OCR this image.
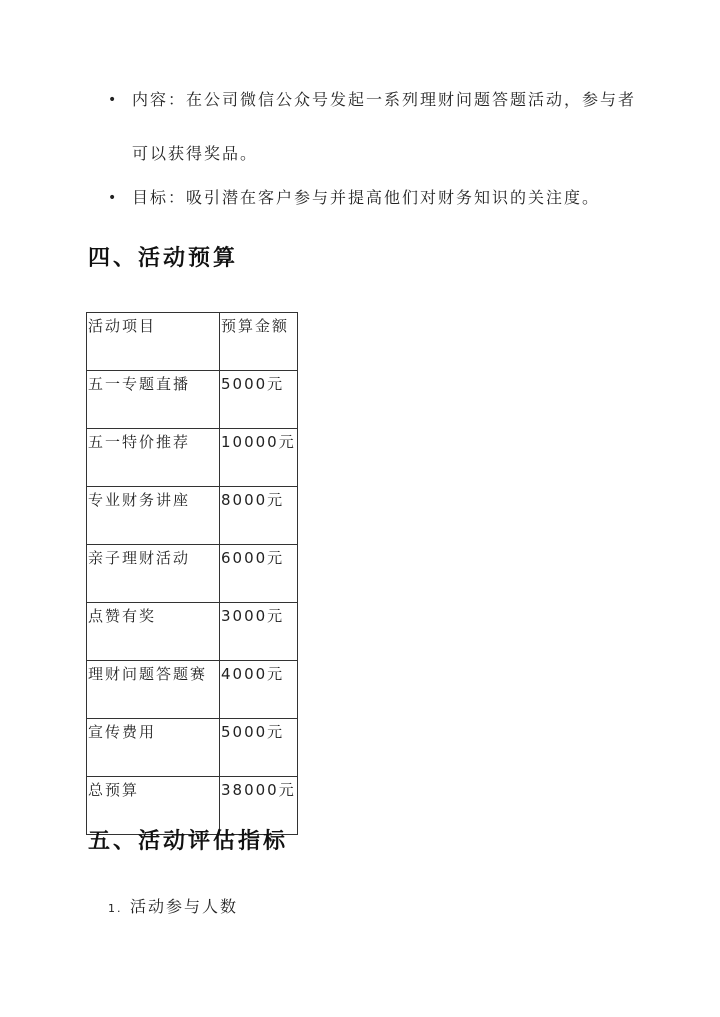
• 内容：在公司微信公众号发起一系列理财问题答题活动，参与者可以获得奖品。
• 目标：吸引潜在客户参与并提高他们对财务知识的关注度。
四、活动预算
活动项目	预算金额
五一专题直播	5000元
五一特价推荐	10000元
专业财务讲座	8000元
亲子理财活动	6000元
点赞有奖	3000元
理财问题答题赛	4000元
宣传费用	5000元
总预算	38000元
五、活动评估指标
1. 活动参与人数
